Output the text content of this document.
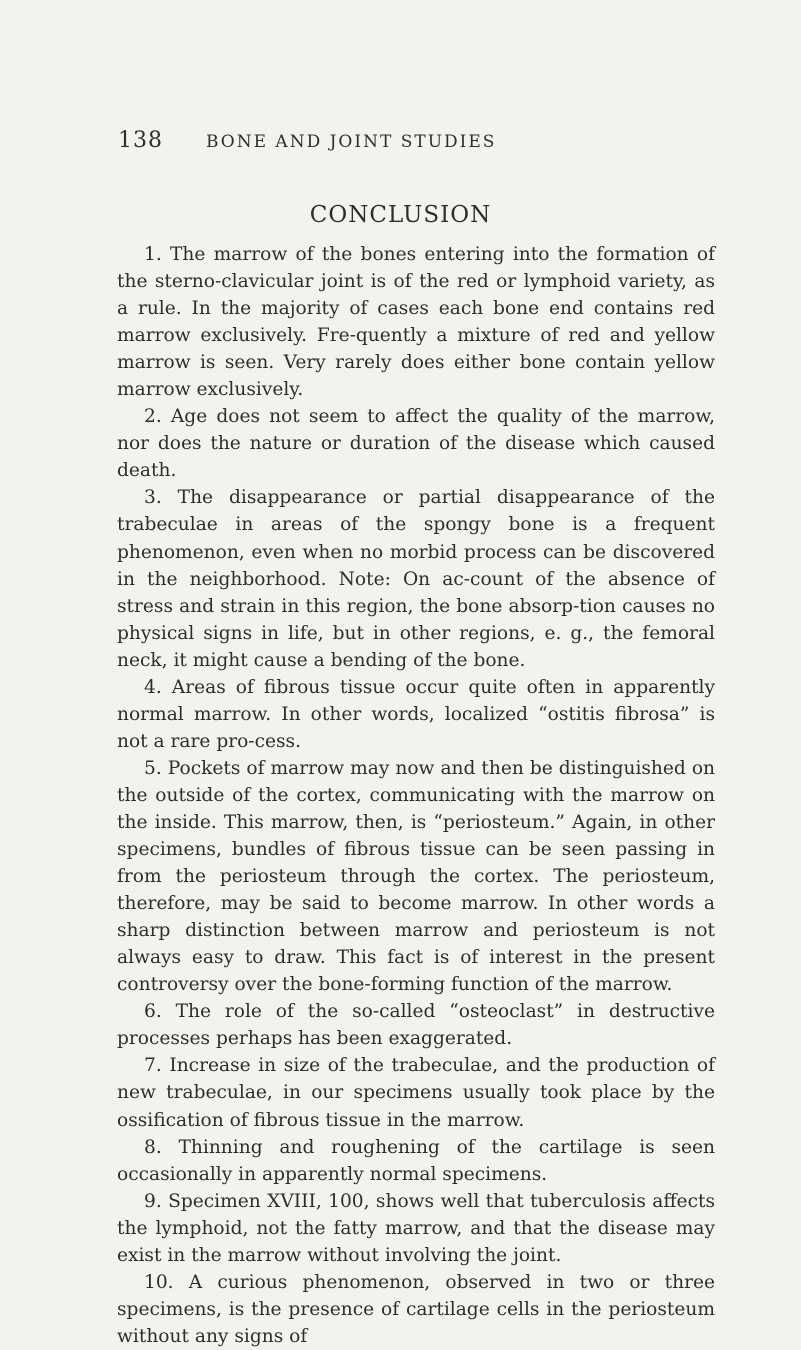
138	BONE AND JOINT STUDIES
CONCLUSION

1. The marrow of the bones entering into the formation of the sterno-clavicular joint is of the red or lymphoid variety, as a rule. In the majority of cases each bone end contains red marrow exclusively. Fre-quently a mixture of red and yellow marrow is seen. Very rarely does either bone contain yellow marrow exclusively.

2. Age does not seem to affect the quality of the marrow, nor does the nature or duration of the disease which caused death.

3. The disappearance or partial disappearance of the trabeculae in areas of the spongy bone is a frequent phenomenon, even when no morbid process can be discovered in the neighborhood. Note: On ac-count of the absence of stress and strain in this region, the bone absorp-tion causes no physical signs in life, but in other regions, e. g., the femoral neck, it might cause a bending of the bone.

4. Areas of fibrous tissue occur quite often in apparently normal marrow. In other words, localized “ostitis fibrosa” is not a rare pro-cess.

5. Pockets of marrow may now and then be distinguished on the outside of the cortex, communicating with the marrow on the inside. This marrow, then, is “periosteum.” Again, in other specimens, bundles of fibrous tissue can be seen passing in from the periosteum through the cortex. The periosteum, therefore, may be said to become marrow. In other words a sharp distinction between marrow and periosteum is not always easy to draw. This fact is of interest in the present controversy over the bone-forming function of the marrow.

6. The role of the so-called “osteoclast” in destructive processes perhaps has been exaggerated.

7. Increase in size of the trabeculae, and the production of new trabeculae, in our specimens usually took place by the ossification of fibrous tissue in the marrow.

8. Thinning and roughening of the cartilage is seen occasionally in apparently normal specimens.

9. Specimen XVIII, 100, shows well that tuberculosis affects the lymphoid, not the fatty marrow, and that the disease may exist in the marrow without involving the joint.

10. A curious phenomenon, observed in two or three specimens, is the presence of cartilage cells in the periosteum without any signs of
